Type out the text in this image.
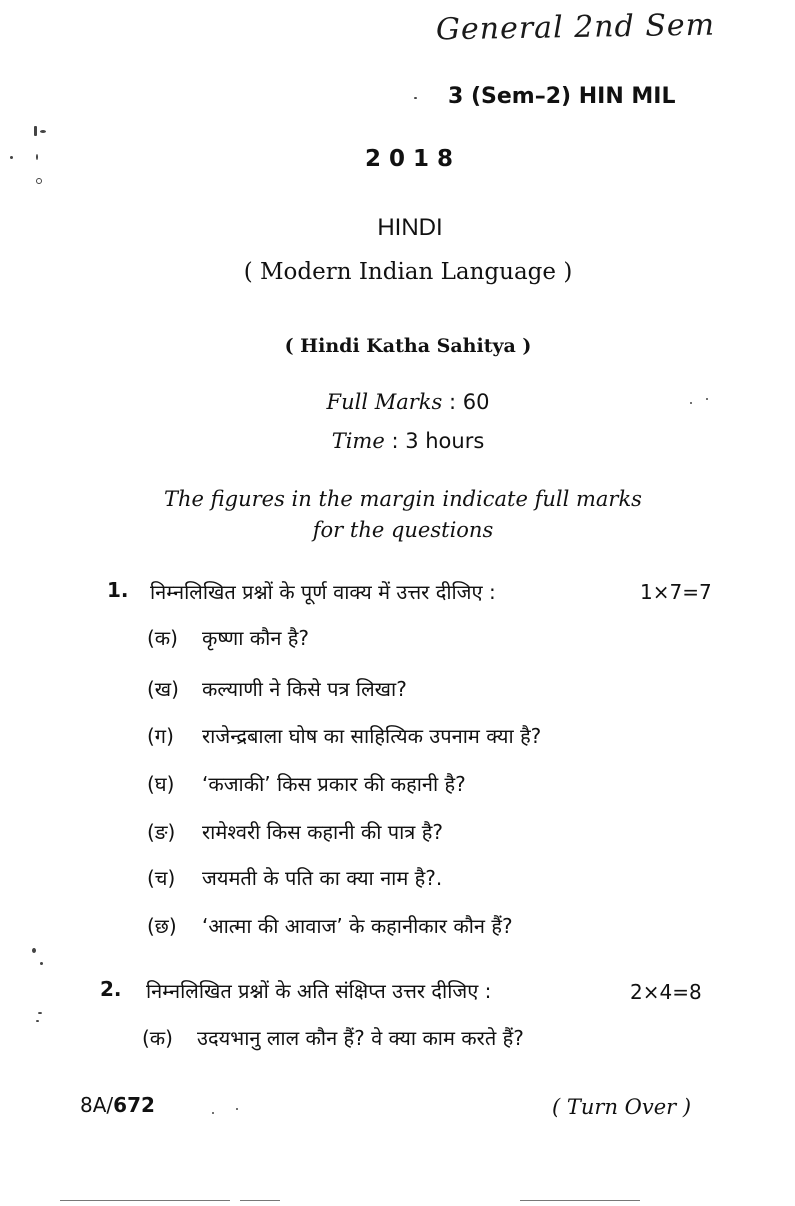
General 2nd Sem
3 (Sem–2) HIN MIL
2018
HINDI
( Modern Indian Language )
( Hindi Katha Sahitya )
Full Marks : 60
Time : 3 hours
The figures in the margin indicate full marks
for the questions
1. निम्नलिखित प्रश्नों के पूर्ण वाक्य में उत्तर दीजिए :	1×7=7
(क) कृष्णा कौन है?
(ख) कल्याणी ने किसे पत्र लिखा?
(ग) राजेन्द्रबाला घोष का साहित्यिक उपनाम क्या है?
(घ) ‘कजाकी’ किस प्रकार की कहानी है?
(ङ) रामेश्वरी किस कहानी की पात्र है?
(च) जयमती के पति का क्या नाम है?.
(छ) ‘आत्मा की आवाज’ के कहानीकार कौन हैं?
2. निम्नलिखित प्रश्नों के अति संक्षिप्त उत्तर दीजिए :	2×4=8
(क) उदयभानु लाल कौन हैं? वे क्या काम करते हैं?
8A/672	( Turn Over )
